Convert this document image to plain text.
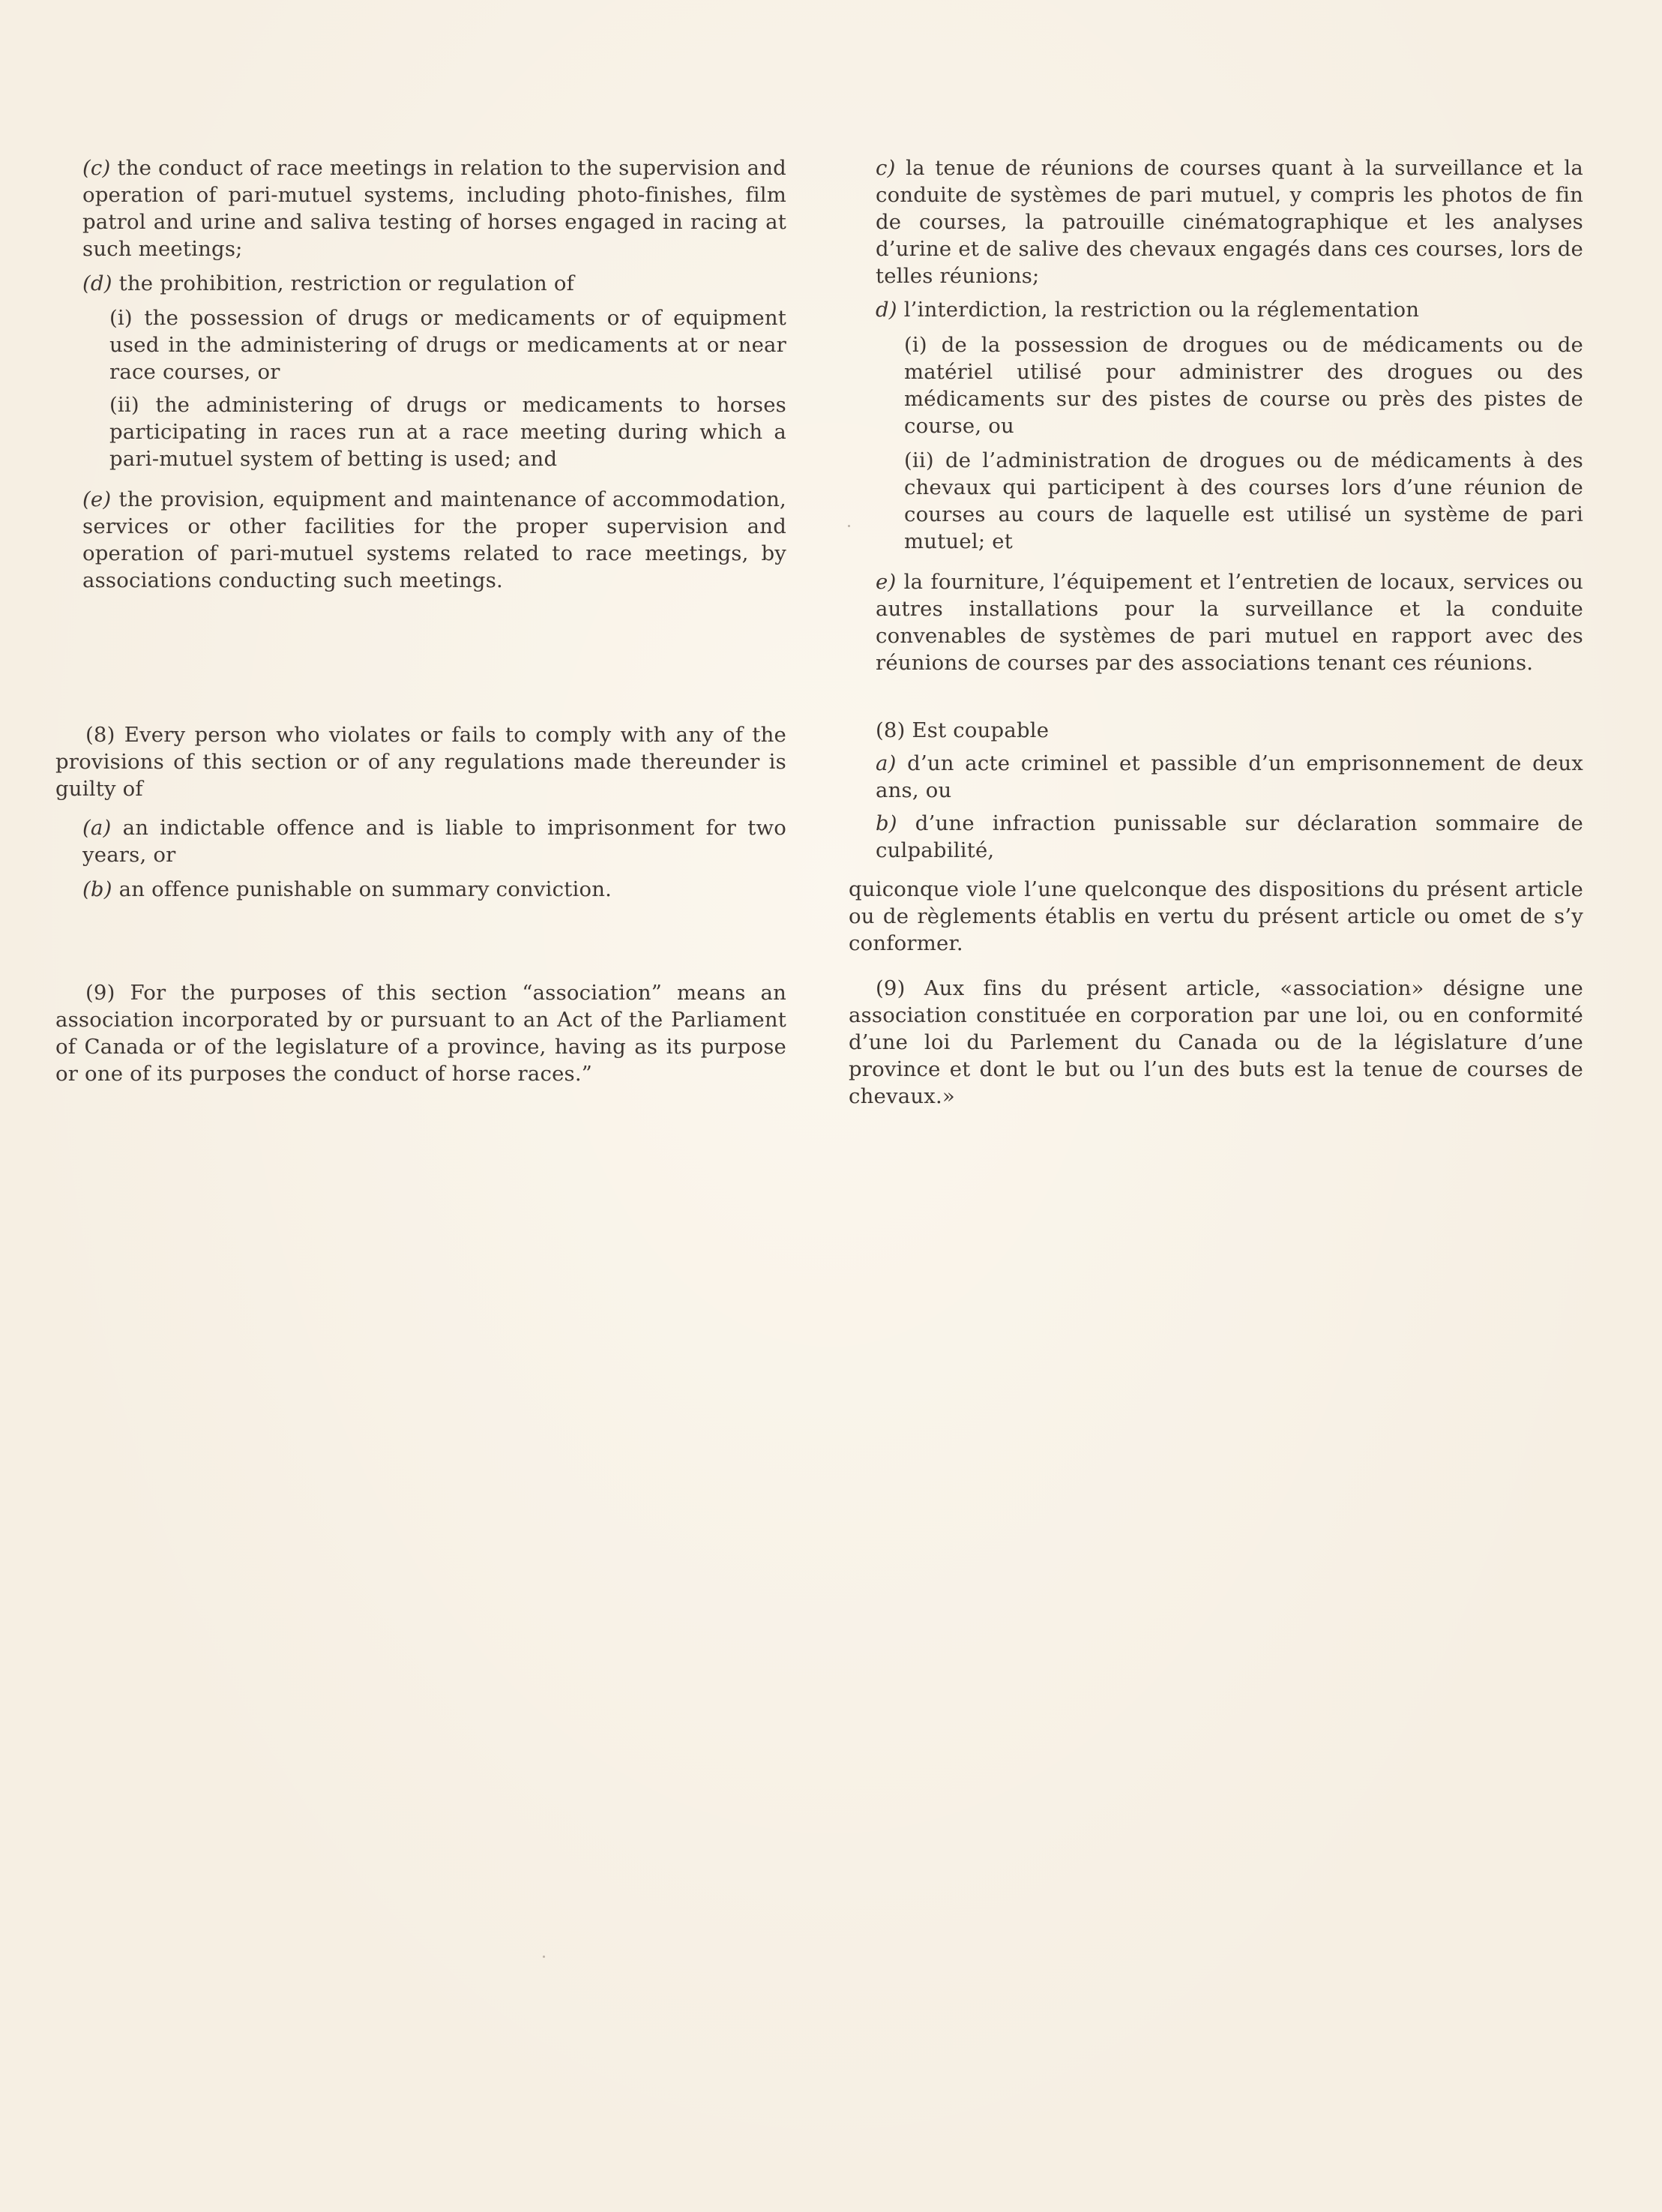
(c) the conduct of race meetings in relation to the supervision and operation of pari-mutuel systems, including photo-finishes, film patrol and urine and saliva testing of horses engaged in racing at such meetings;

(d) the prohibition, restriction or regulation of

(i) the possession of drugs or medicaments or of equipment used in the administering of drugs or medicaments at or near race courses, or

(ii) the administering of drugs or medicaments to horses participating in races run at a race meeting during which a pari-mutuel system of betting is used; and

(e) the provision, equipment and maintenance of accommodation, services or other facilities for the proper supervision and operation of pari-mutuel systems related to race meetings, by associations conducting such meetings.

(8) Every person who violates or fails to comply with any of the provisions of this section or of any regulations made thereunder is guilty of

(a) an indictable offence and is liable to imprisonment for two years, or

(b) an offence punishable on summary conviction.

(9) For the purposes of this section “association” means an association incorporated by or pursuant to an Act of the Parliament of Canada or of the legislature of a province, having as its purpose or one of its purposes the conduct of horse races.”

c) la tenue de réunions de courses quant à la surveillance et la conduite de systèmes de pari mutuel, y compris les photos de fin de courses, la patrouille cinématographique et les analyses d’urine et de salive des chevaux engagés dans ces courses, lors de telles réunions;

d) l’interdiction, la restriction ou la réglementation

(i) de la possession de drogues ou de médicaments ou de matériel utilisé pour administrer des drogues ou des médicaments sur des pistes de course ou près des pistes de course, ou

(ii) de l’administration de drogues ou de médicaments à des chevaux qui participent à des courses lors d’une réunion de courses au cours de laquelle est utilisé un système de pari mutuel; et

e) la fourniture, l’équipement et l’entretien de locaux, services ou autres installations pour la surveillance et la conduite convenables de systèmes de pari mutuel en rapport avec des réunions de courses par des associations tenant ces réunions.

(8) Est coupable

a) d’un acte criminel et passible d’un emprisonnement de deux ans, ou

b) d’une infraction punissable sur déclaration sommaire de culpabilité,

quiconque viole l’une quelconque des dispositions du présent article ou de règlements établis en vertu du présent article ou omet de s’y conformer.

(9) Aux fins du présent article, «association» désigne une association constituée en corporation par une loi, ou en conformité d’une loi du Parlement du Canada ou de la législature d’une province et dont le but ou l’un des buts est la tenue de courses de chevaux.»
